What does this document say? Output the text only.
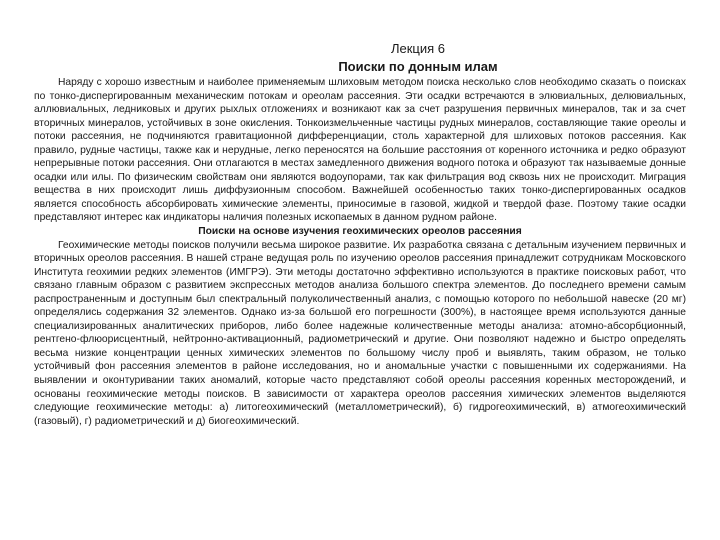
Лекция 6
Поиски по донным илам

Наряду с хорошо известным и наиболее применяемым шлиховым методом поиска несколько слов необходимо сказать о поисках по тонко-диспергированным механическим потокам и ореолам рассеяния. Эти осадки встречаются в элювиальных, делювиальных, аллювиальных, ледниковых и других рыхлых отложениях и возникают как за счет разрушения первичных минералов, так и за счет вторичных минералов, устойчивых в зоне окисления. Тонкоизмельченные частицы рудных минералов, составляющие такие ореолы и потоки рассеяния, не подчиняются гравитационной дифференциации, столь характерной для шлиховых потоков рассеяния. Как правило, рудные частицы, также как и нерудные, легко переносятся на большие расстояния от коренного источника и редко образуют непрерывные потоки рассеяния. Они отлагаются в местах замедленного движения водного потока и образуют так называемые донные осадки или илы. По физическим свойствам они являются водоупорами, так как фильтрация вод сквозь них не происходит. Миграция вещества в них происходит лишь диффузионным способом. Важнейшей особенностью таких тонко-диспергированных осадков является способность абсорбировать химические элементы, приносимые в газовой, жидкой и твердой фазе. Поэтому такие осадки представляют интерес как индикаторы наличия полезных ископаемых в данном рудном районе.

Поиски на основе изучения геохимических ореолов рассеяния

Геохимические методы поисков получили весьма широкое развитие. Их разработка связана с детальным изучением первичных и вторичных ореолов рассеяния. В нашей стране ведущая роль по изучению ореолов рассеяния принадлежит сотрудникам Московского Института геохимии редких элементов (ИМГРЭ). Эти методы достаточно эффективно используются в практике поисковых работ, что связано главным образом с развитием экспрессных методов анализа большого спектра элементов. До последнего времени самым распространенным и доступным был спектральный полуколичественный анализ, с помощью которого по небольшой навеске (20 мг) определялись содержания 32 элементов. Однако из-за большой его погрешности (300%), в настоящее время используются данные специализированных аналитических приборов, либо более надежные количественные методы анализа: атомно-абсорбционный, рентгено-флюорисцентный, нейтронно-активационный, радиометрический и другие. Они позволяют надежно и быстро определять весьма низкие концентрации ценных химических элементов по большому числу проб и выявлять, таким образом, не только устойчивый фон рассеяния элементов в районе исследования, но и аномальные участки с повышенными их содержаниями. На выявлении и оконтуривании таких аномалий, которые часто представляют собой ореолы рассеяния коренных месторождений, и основаны геохимические методы поисков. В зависимости от характера ореолов рассеяния химических элементов выделяются следующие геохимические методы: а) литогеохимический (металлометрический), б) гидрогеохимический, в) атмогеохимический (газовый), г) радиометрический и д) биогеохимический.
